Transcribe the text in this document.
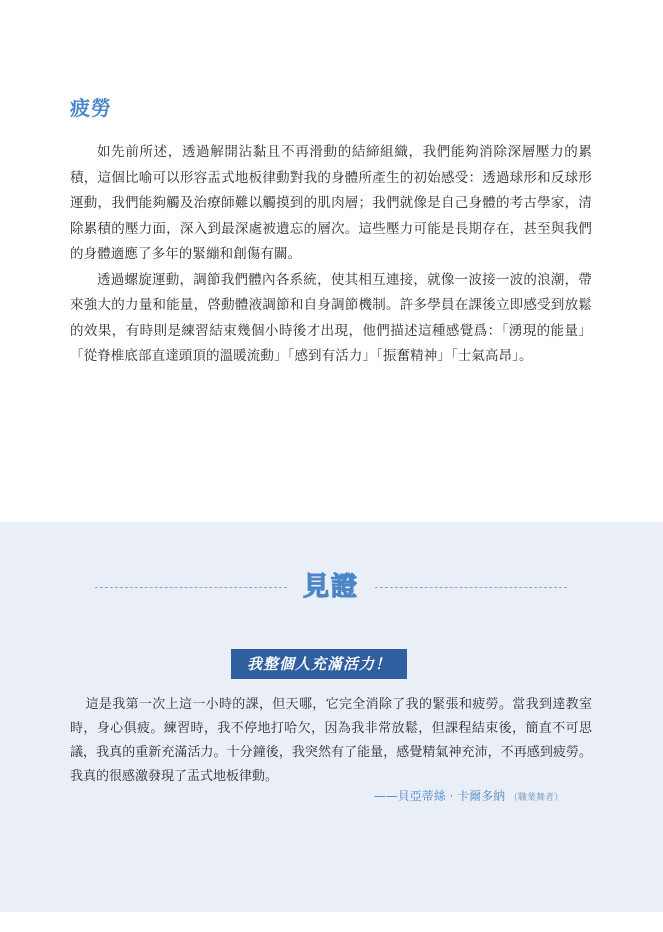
疲勞

如先前所述，透過解開沾黏且不再滑動的結締組織，我們能夠消除深層壓力的累積，這個比喻可以形容盂式地板律動對我的身體所產生的初始感受：透過球形和反球形運動，我們能夠觸及治療師難以觸摸到的肌肉層；我們就像是自己身體的考古學家，清除累積的壓力面，深入到最深處被遺忘的層次。這些壓力可能是長期存在，甚至與我們的身體適應了多年的緊繃和創傷有關。

透過螺旋運動，調節我們體內各系統，使其相互連接，就像一波接一波的浪潮，帶來強大的力量和能量，啓動體液調節和自身調節機制。許多學員在課後立即感受到放鬆的效果，有時則是練習結束幾個小時後才出現，他們描述這種感覺爲：「湧現的能量」「從脊椎底部直達頭頂的溫暖流動」「感到有活力」「振奮精神」「士氣高昂」。

見證
我整個人充滿活力！

這是我第一次上這一小時的課，但天哪，它完全消除了我的緊張和疲勞。當我到達教室時，身心俱疲。練習時，我不停地打哈欠，因為我非常放鬆，但課程結束後，簡直不可思議，我真的重新充滿活力。十分鐘後，我突然有了能量，感覺精氣神充沛，不再感到疲勞。我真的很感激發現了盂式地板律動。

——貝亞蒂絲 · 卡爾多納 （職業舞者）
